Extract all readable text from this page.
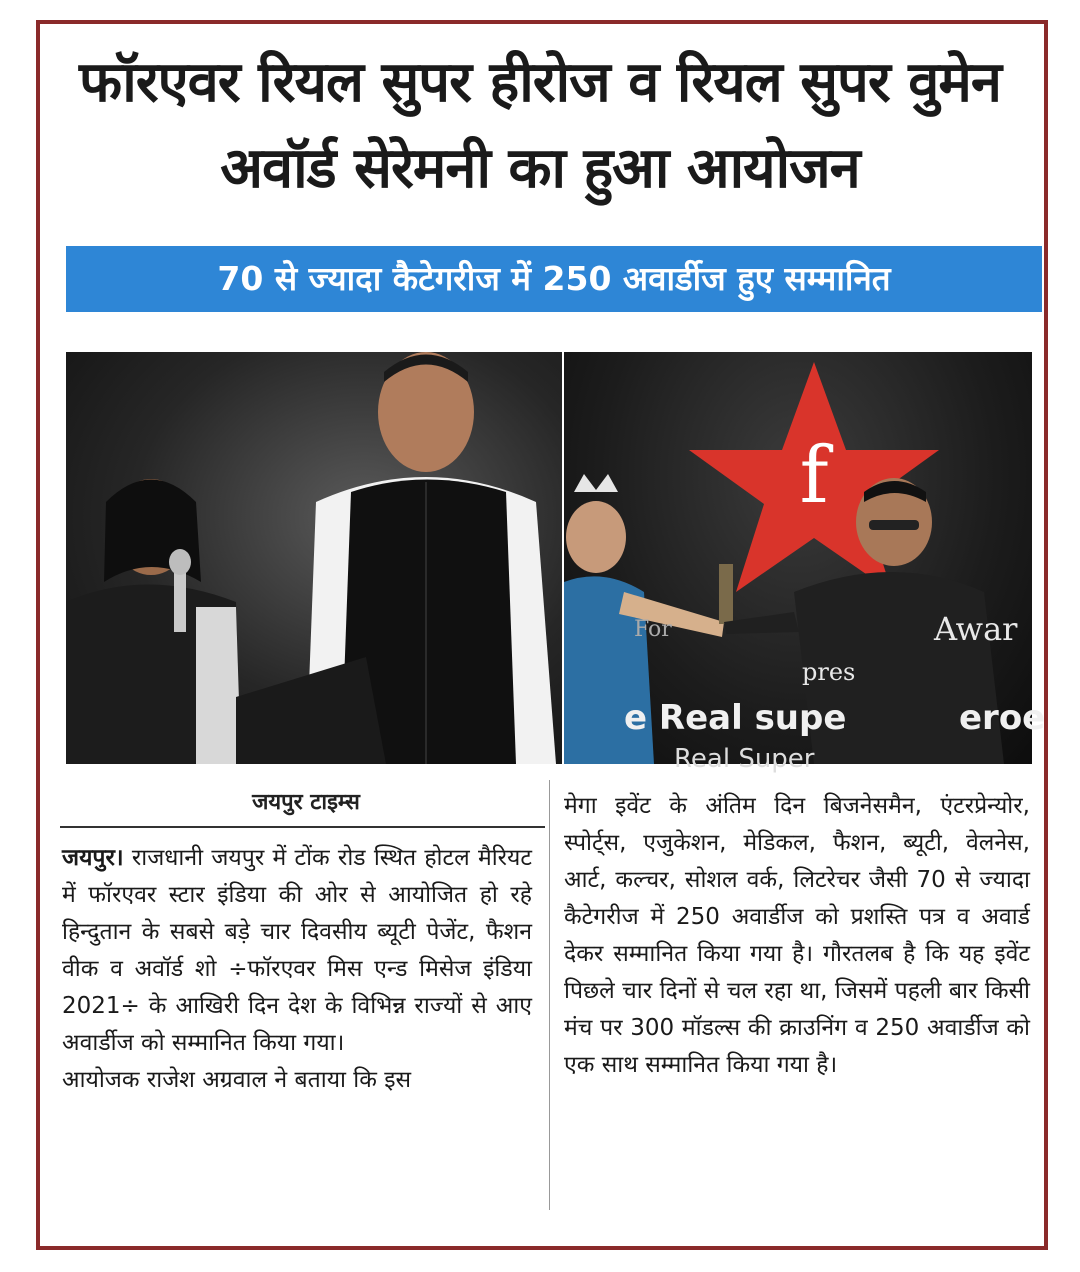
फॉरएवर रियल सुपर हीरोज व रियल सुपर वुमेन अवॉर्ड सेरेमनी का हुआ आयोजन
70 से ज्यादा कैटेगरीज में 250 अवार्डीज हुए सम्मानित
f
Awar
For
pres
e Real supe	eroe
Real Super
जयपुर टाइम्स

जयपुर। राजधानी जयपुर में टोंक रोड स्थित होटल मैरियट में फॉरएवर स्टार इंडिया की ओर से आयोजित हो रहे हिन्दुतान के सबसे बड़े चार दिवसीय ब्यूटी पेजेंट, फैशन वीक व अवॉर्ड शो ÷फॉरएवर मिस एन्ड मिसेज इंडिया 2021÷ के आखिरी दिन देश के विभिन्न राज्यों से आए अवार्डीज को सम्मानित किया गया।

आयोजक राजेश अग्रवाल ने बताया कि इस

मेगा इवेंट के अंतिम दिन बिजनेसमैन, एंटरप्रेन्योर, स्पोर्ट्स, एजुकेशन, मेडिकल, फैशन, ब्यूटी, वेलनेस, आर्ट, कल्चर, सोशल वर्क, लिटरेचर जैसी 70 से ज्यादा कैटेगरीज में 250 अवार्डीज को प्रशस्ति पत्र व अवार्ड देकर सम्मानित किया गया है। गौरतलब है कि यह इवेंट पिछले चार दिनों से चल रहा था, जिसमें पहली बार किसी मंच पर 300 मॉडल्स की क्राउनिंग व 250 अवार्डीज को एक साथ सम्मानित किया गया है।
